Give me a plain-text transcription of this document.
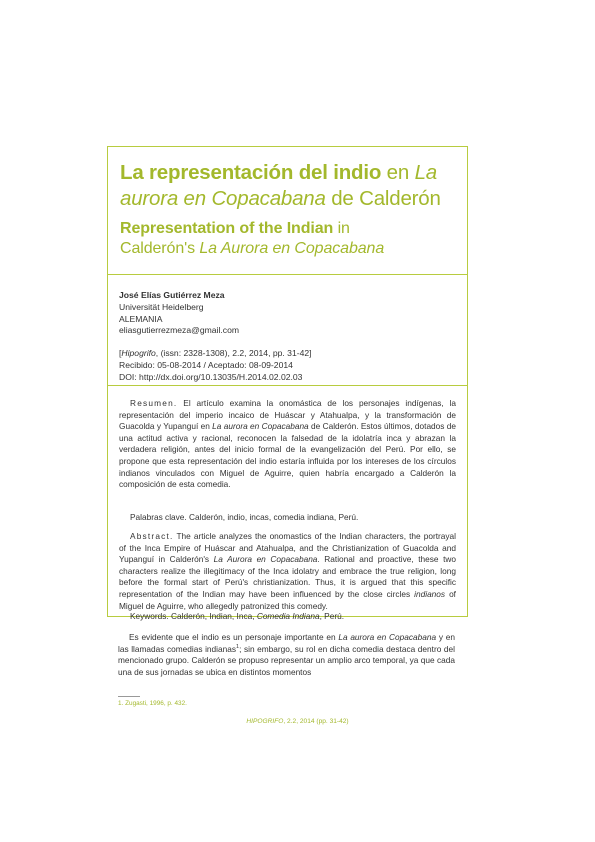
La representación del indio en La aurora en Copacabana de Calderón
Representation of the Indian in
Calderón's La Aurora en Copacabana
José Elías Gutiérrez Meza
Universität Heidelberg
ALEMANIA
eliasgutierrezmeza@gmail.com
[Hipogrifo, (issn: 2328-1308), 2.2, 2014, pp. 31-42]
Recibido: 05-08-2014 / Aceptado: 08-09-2014
DOI: http://dx.doi.org/10.13035/H.2014.02.02.03
Resumen. El artículo examina la onomástica de los personajes indígenas, la representación del imperio incaico de Huáscar y Atahualpa, y la transformación de Guacolda y Yupanguí en La aurora en Copacabana de Calderón. Estos últimos, dotados de una actitud activa y racional, reconocen la falsedad de la idolatría inca y abrazan la verdadera religión, antes del inicio formal de la evangelización del Perú. Por ello, se propone que esta representación del indio estaría influida por los intereses de los círculos indianos vinculados con Miguel de Aguirre, quien habría encargado a Calderón la composición de esta comedia.
Palabras clave. Calderón, indio, incas, comedia indiana, Perú.
Abstract. The article analyzes the onomastics of the Indian characters, the portrayal of the Inca Empire of Huáscar and Atahualpa, and the Christianization of Guacolda and Yupanguí in Calderón's La Aurora en Copacabana. Rational and proactive, these two characters realize the illegitimacy of the Inca idolatry and embrace the true religion, long before the formal start of Perú's christianization. Thus, it is argued that this specific representation of the Indian may have been influenced by the close circles indianos of Miguel de Aguirre, who allegedly patronized this comedy.
Keywords. Calderón, Indian, Inca, Comedia Indiana, Perú.
Es evidente que el indio es un personaje importante en La aurora en Copacabana y en las llamadas comedias indianas$^1$; sin embargo, su rol en dicha comedia destaca dentro del mencionado grupo. Calderón se propuso representar un amplio arco temporal, ya que cada una de sus jornadas se ubica en distintos momentos
1. Zugasti, 1996, p. 432.
HIPOGRIFO, 2.2, 2014 (pp. 31-42)
